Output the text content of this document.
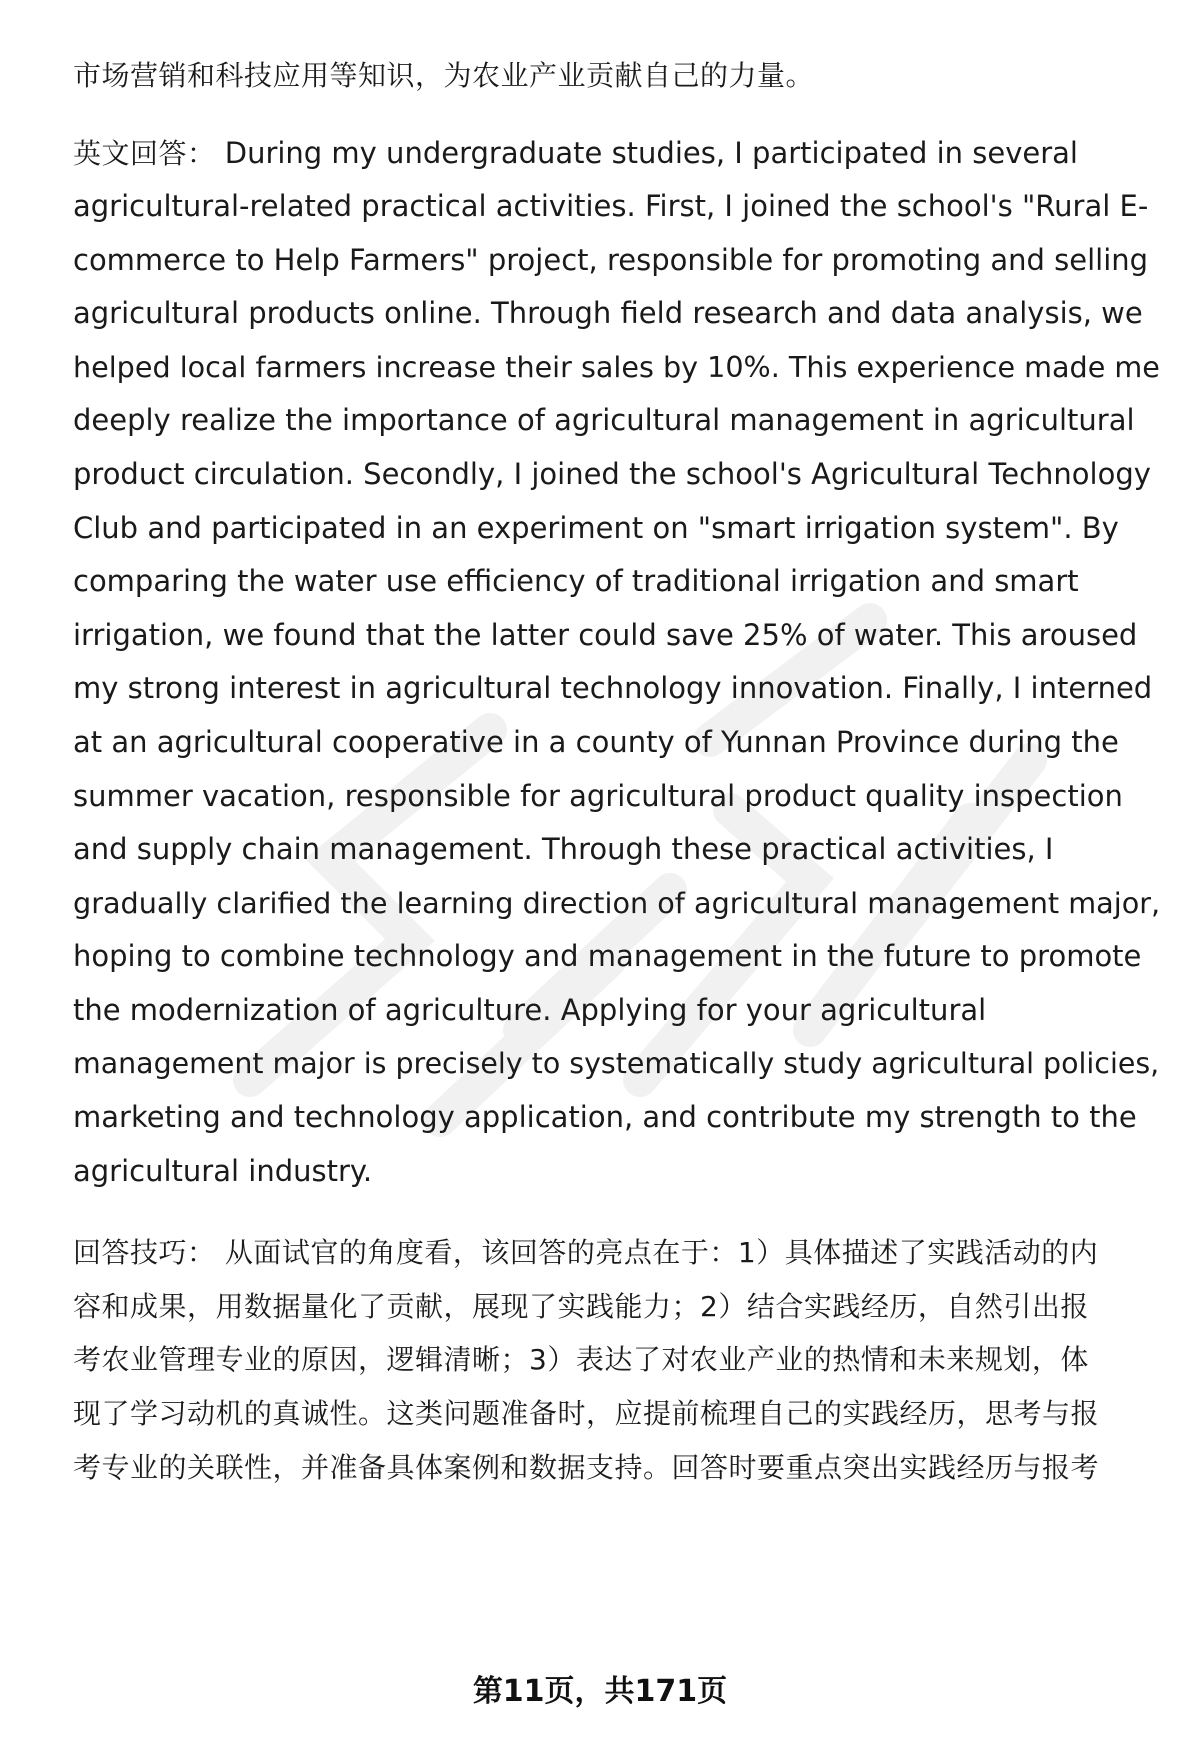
市场营销和科技应用等知识，为农业产业贡献自己的力量。
英文回答： During my undergraduate studies, I participated in several
agricultural-related practical activities. First, I joined the school's "Rural E-
commerce to Help Farmers" project, responsible for promoting and selling
agricultural products online. Through field research and data analysis, we
helped local farmers increase their sales by 10%. This experience made me
deeply realize the importance of agricultural management in agricultural
product circulation. Secondly, I joined the school's Agricultural Technology
Club and participated in an experiment on "smart irrigation system". By
comparing the water use efficiency of traditional irrigation and smart
irrigation, we found that the latter could save 25% of water. This aroused
my strong interest in agricultural technology innovation. Finally, I interned
at an agricultural cooperative in a county of Yunnan Province during the
summer vacation, responsible for agricultural product quality inspection
and supply chain management. Through these practical activities, I
gradually clarified the learning direction of agricultural management major,
hoping to combine technology and management in the future to promote
the modernization of agriculture. Applying for your agricultural
management major is precisely to systematically study agricultural policies,
marketing and technology application, and contribute my strength to the
agricultural industry.
回答技巧： 从面试官的角度看，该回答的亮点在于：1）具体描述了实践活动的内
容和成果，用数据量化了贡献，展现了实践能力；2）结合实践经历，自然引出报
考农业管理专业的原因，逻辑清晰；3）表达了对农业产业的热情和未来规划，体
现了学习动机的真诚性。这类问题准备时，应提前梳理自己的实践经历，思考与报
考专业的关联性，并准备具体案例和数据支持。回答时要重点突出实践经历与报考
第11页，共171页
